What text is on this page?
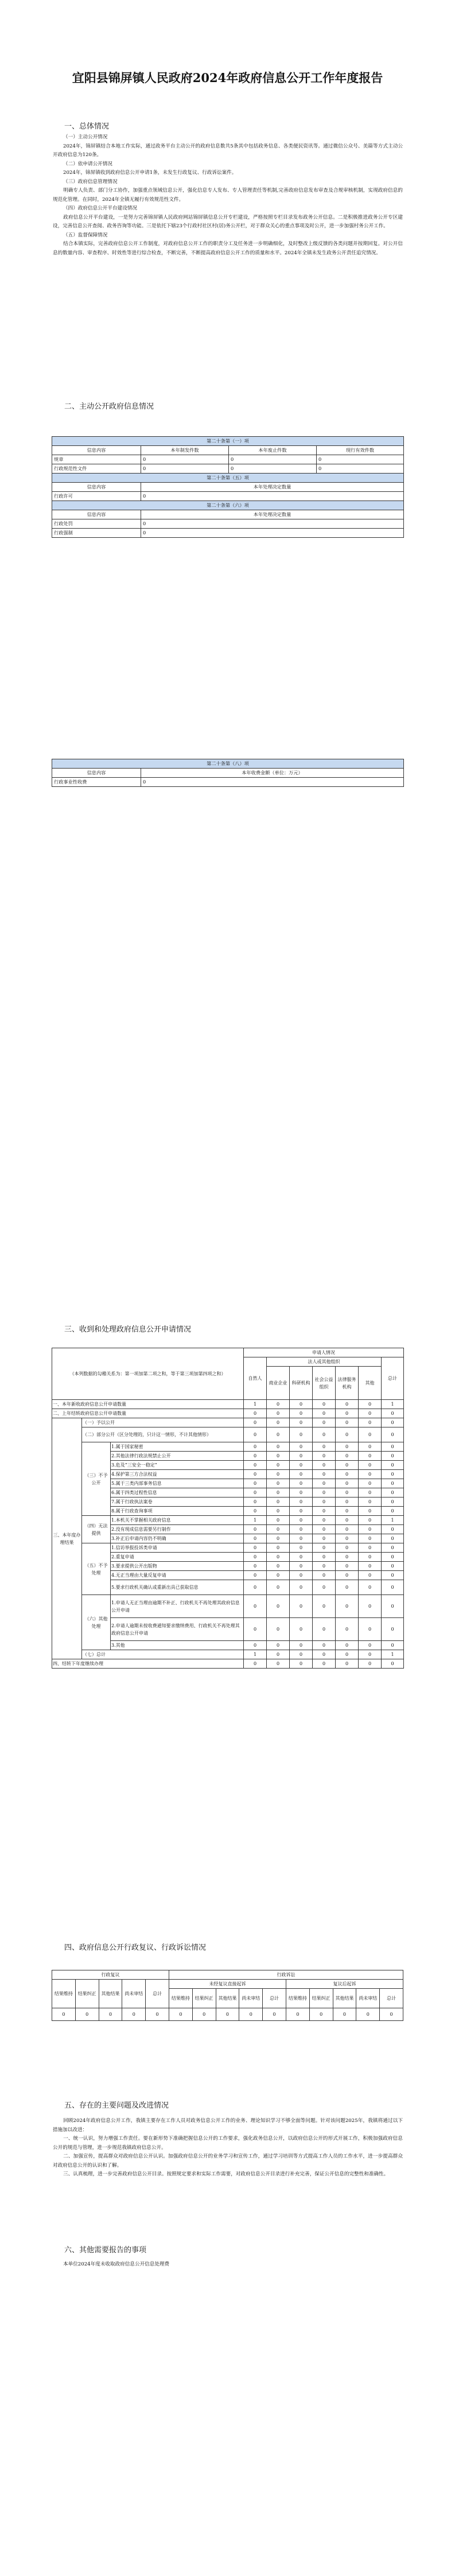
宜阳县锦屏镇人民政府2024年政府信息公开工作年度报告
一、总体情况
（一）主动公开情况
2024年，锦屏镇结合本地工作实际，通过政务平台主动公开的政府信息数共5条其中包括政务信息、各类便民资讯等。通过微信公众号、美篇等方式主动公开政府信息为120条。
（二）依申请公开情况
2024年，锦屏镇收到政府信息公开申请1条，未发生行政复议、行政诉讼案件。
（三）政府信息管理情况
明确专人负责、部门分工协作，加强重点领域信息公开，强化信息专人发布、专人管理责任等机制,完善政府信息发布审查及合规审核机制，实现政府信息的规范化管理。在同时，2024年全镇无履行有效规范性文件。
（四）政府信息公开平台建设情况
政府信息公开平台建设，一是努力完善锦屏镇人民政府网站锦屏镇信息公开专栏建设，严格按照专栏目录发布政务公开信息。二是积极推进政务公开专区建设，完善信息公开查阅、政务咨询等功能。三是依托下辖23个行政村社区村(居)务公开栏，对于群众关心的重点事项及时公开，进一步加强村务公开工作。
（五）监督保障情况
结合本镇实际，完善政府信息公开工作制度，对政府信息公开工作的职责分工及任务进一步明确细化，及时整改上级反馈的各类问题并按期回复。对公开信息的数量内容、审查程序、时效性等进行综合检查，不断完善，不断提高政府信息公开工作的质量和水平。2024年全镇未发生政务公开责任追究情况。
二、主动公开政府信息情况
第二十条第（一）项			
信息内容	本年制发件数	本年废止件数	现行有效件数
规章	0	0	0
行政规范性文件	0	0	0
第二十条第（五）项			
信息内容	本年处理决定数量		
行政许可	0		
第二十条第（六）项			
信息内容	本年处理决定数量		
行政处罚	0		
行政强制	0		
第二十条第（八）项	
信息内容	本年收费金额（单位：万元）
行政事业性收费	0
三、收到和处理政府信息公开申请情况
（本列数据的勾稽关系为：第一项加第二项之和，等于第三项加第四项之和）			申请人情况						
			自然人	法人或其他组织					总计
				商业企业	科研机构	社会公益组织	法律服务机构	其他	
一、本年新收政府信息公开申请数量			1	0	0	0	0	0	1
二、上年结转政府信息公开申请数量			0	0	0	0	0	0	0
三、本年度办理结果	（一）予以公开		0	0	0	0	0	0	0
	（二）部分公开（区分处理的，只计这一情形，不计其他情形）		0	0	0	0	0	0	0
	（三）不予公开	1.属于国家秘密	0	0	0	0	0	0	0
		2.其他法律行政法规禁止公开	0	0	0	0	0	0	0
		3.危及“三安全一稳定”	0	0	0	0	0	0	0
		4.保护第三方合法权益	0	0	0	0	0	0	0
		5.属于三类内部事务信息	0	0	0	0	0	0	0
		6.属于四类过程性信息	0	0	0	0	0	0	0
		7.属于行政执法案卷	0	0	0	0	0	0	0
		8.属于行政查询事项	0	0	0	0	0	0	0
	（四）无法提供	1.本机关不掌握相关政府信息	1	0	0	0	0	0	1
		2.没有现成信息需要另行制作	0	0	0	0	0	0	0
		3.补正后申请内容仍不明确	0	0	0	0	0	0	0
	（五）不予处理	1.信访举报投诉类申请	0	0	0	0	0	0	0
		2.重复申请	0	0	0	0	0	0	0
		3.要求提供公开出版物	0	0	0	0	0	0	0
		4.无正当理由大量反复申请	0	0	0	0	0	0	0
		5.要求行政机关确认或重新出具已获取信息	0	0	0	0	0	0	0
	（六）其他处理	1.申请人无正当理由逾期不补正、行政机关不再处理其政府信息公开申请	0	0	0	0	0	0	0
		2.申请人逾期未按收费通知要求缴纳费用、行政机关不再处理其政府信息公开申请	0	0	0	0	0	0	0
		3.其他	0	0	0	0	0	0	0
	（七）总计		1	0	0	0	0	0	1
四、结转下年度继续办理			0	0	0	0	0	0	0
四、政府信息公开行政复议、行政诉讼情况
行政复议					行政诉讼									
结果维持	结果纠正	其他结果	尚未审结	总计	未经复议直接起诉					复议后起诉				
					结果维持	结果纠正	其他结果	尚未审结	总计	结果维持	结果纠正	其他结果	尚未审结	总计
0	0	0	0	0	0	0	0	0	0	0	0	0	0	0
五、存在的主要问题及改进情况
回顾2024年政府信息公开工作，我镇主要存在工作人员对政务信息公开工作的业务、理论知识学习不够全面等问题。针对该问题2025年，我镇将通过以下措施加以改进：
一、统一认识，努力增强工作责任。要在新形势下准确把握信息公开的工作要求，强化政务信息公开，以政府信息公开的形式开展工作，积极加强政府信息公开的规范与管理，进一步规范我镇政府信息公开。
二、加强宣传，提高群众对政府信息公开认识。加强政府信息公开的业务学习和宣传工作，通过学习培训等方式提高工作人员的工作水平，进一步提高群众对政府信息公开的认识和了解。
三、认真梳理，进一步完善政府信息公开目录。按照规定要求和实际工作需要，对政府信息公开目录进行补充完善，保证公开信息的完整性和准确性。
六、其他需要报告的事项
本单位2024年度未收取政府信息公开信息处理费
